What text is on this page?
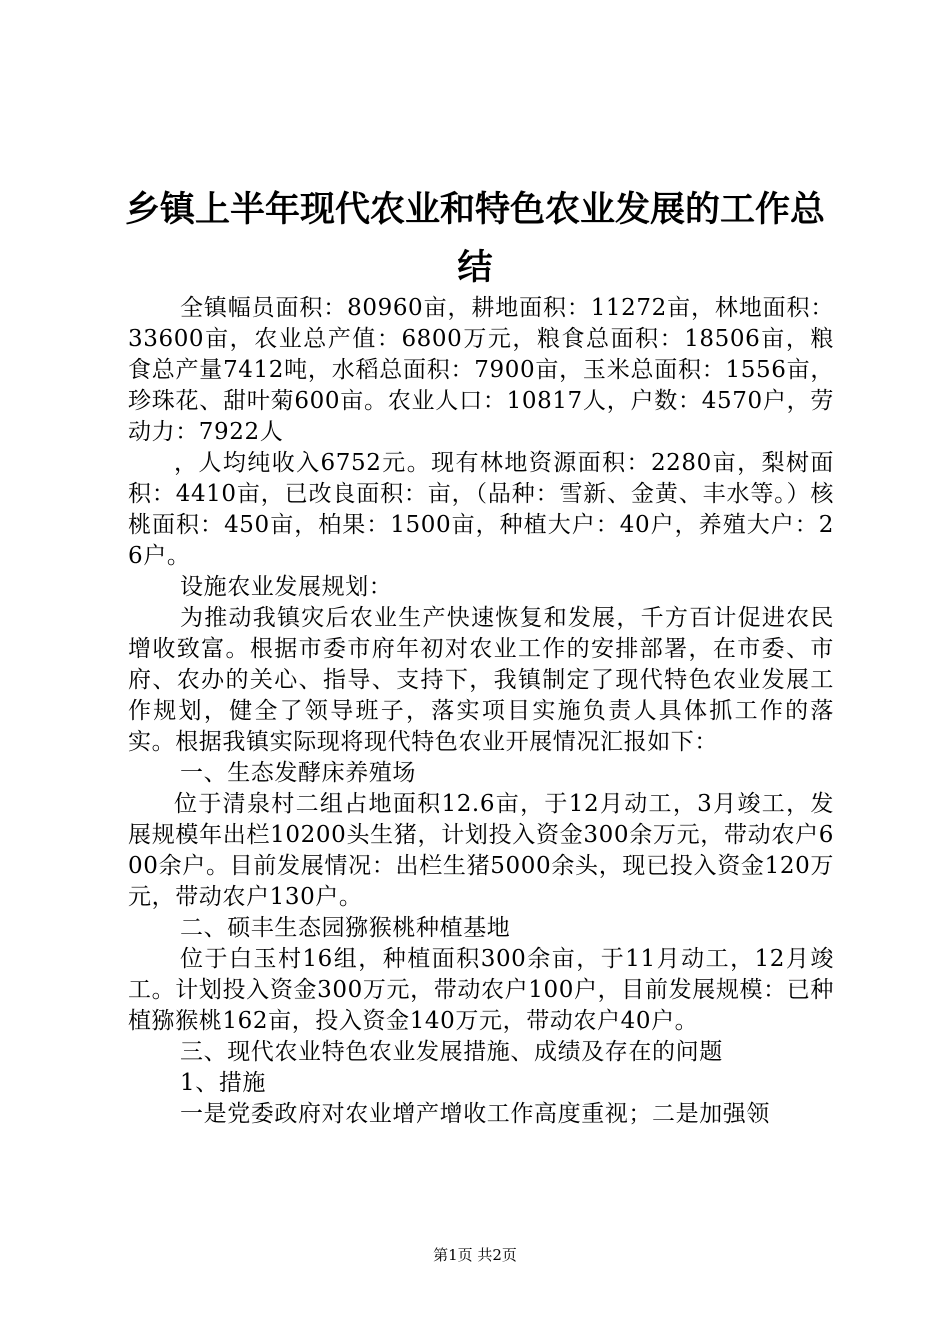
乡镇上半年现代农业和特色农业发展的工作总
结

全镇幅员面积：80960亩，耕地面积：11272亩，林地面积：33600亩，农业总产值：6800万元，粮食总面积：18506亩，粮食总产量7412吨，水稻总面积：7900亩，玉米总面积：1556亩，珍珠花、甜叶菊600亩。农业人口：10817人，户数：4570户，劳动力：7922人

，人均纯收入6752元。现有林地资源面积：2280亩，梨树面积：4410亩，已改良面积：亩，（品种：雪新、金黄、丰水等。）核桃面积：450亩，柏果：1500亩，种植大户：40户，养殖大户：26户。

设施农业发展规划：

为推动我镇灾后农业生产快速恢复和发展，千方百计促进农民增收致富。根据市委市府年初对农业工作的安排部署，在市委、市府、农办的关心、指导、支持下，我镇制定了现代特色农业发展工作规划，健全了领导班子，落实项目实施负责人具体抓工作的落实。根据我镇实际现将现代特色农业开展情况汇报如下：

一、生态发酵床养殖场

位于清泉村二组占地面积12.6亩，于12月动工，3月竣工，发展规模年出栏10200头生猪，计划投入资金300余万元，带动农户600余户。目前发展情况：出栏生猪5000余头，现已投入资金120万元，带动农户130户。

二、硕丰生态园猕猴桃种植基地

位于白玉村16组，种植面积300余亩，于11月动工，12月竣工。计划投入资金300万元，带动农户100户，目前发展规模：已种植猕猴桃162亩，投入资金140万元，带动农户40户。

三、现代农业特色农业发展措施、成绩及存在的问题

1、措施

一是党委政府对农业增产增收工作高度重视；二是加强领

第1页 共2页
